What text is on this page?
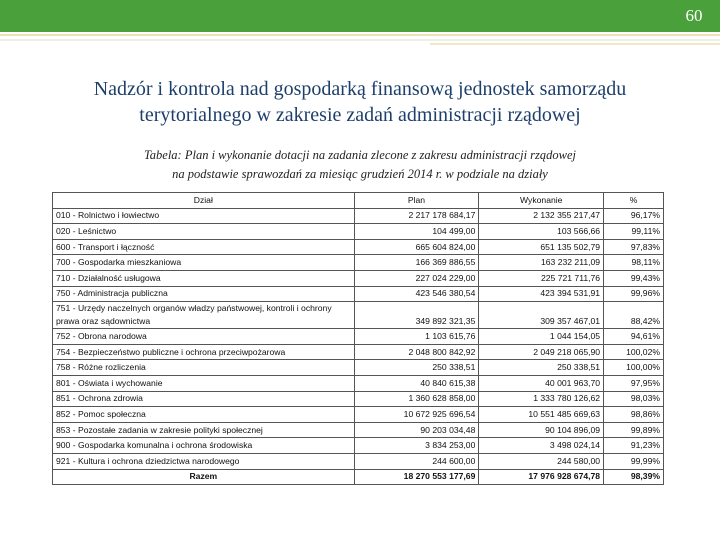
60
Nadzór i kontrola nad gospodarką finansową jednostek samorządu
terytorialnego w zakresie zadań administracji rządowej
Tabela: Plan i wykonanie dotacji na zadania zlecone z zakresu administracji rządowej
na podstawie sprawozdań za miesiąc grudzień 2014 r. w podziale na działy
Dział	Plan	Wykonanie	%
010 - Rolnictwo i łowiectwo	2 217 178 684,17	2 132 355 217,47	96,17%
020 - Leśnictwo	104 499,00	103 566,66	99,11%
600 - Transport i łączność	665 604 824,00	651 135 502,79	97,83%
700 - Gospodarka mieszkaniowa	166 369 886,55	163 232 211,09	98,11%
710 - Działalność usługowa	227 024 229,00	225 721 711,76	99,43%
750 - Administracja publiczna	423 546 380,54	423 394 531,91	99,96%
751 - Urzędy naczelnych organów władzy państwowej, kontroli i ochrony prawa oraz sądownictwa	349 892 321,35	309 357 467,01	88,42%
752 - Obrona narodowa	1 103 615,76	1 044 154,05	94,61%
754 - Bezpieczeństwo publiczne i ochrona przeciwpożarowa	2 048 800 842,92	2 049 218 065,90	100,02%
758 - Różne rozliczenia	250 338,51	250 338,51	100,00%
801 - Oświata i wychowanie	40 840 615,38	40 001 963,70	97,95%
851 - Ochrona zdrowia	1 360 628 858,00	1 333 780 126,62	98,03%
852 - Pomoc społeczna	10 672 925 696,54	10 551 485 669,63	98,86%
853 - Pozostałe zadania w zakresie polityki społecznej	90 203 034,48	90 104 896,09	99,89%
900 - Gospodarka komunalna i ochrona środowiska	3 834 253,00	3 498 024,14	91,23%
921 - Kultura i ochrona dziedzictwa narodowego	244 600,00	244 580,00	99,99%
Razem	18 270 553 177,69	17 976 928 674,78	98,39%
